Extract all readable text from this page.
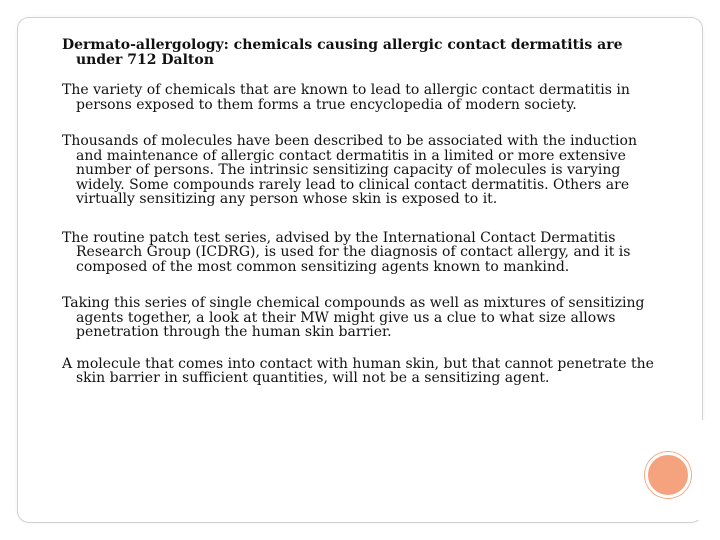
Dermato-allergology: chemicals causing allergic contact dermatitis are under 712 Dalton

The variety of chemicals that are known to lead to allergic contact dermatitis in persons exposed to them forms a true encyclopedia of modern society.

Thousands of molecules have been described to be associated with the induction and maintenance of allergic contact dermatitis in a limited or more extensive number of persons. The intrinsic sensitizing capacity of molecules is varying widely. Some compounds rarely lead to clinical contact dermatitis. Others are virtually sensitizing any person whose skin is exposed to it.

The routine patch test series, advised by the International Contact Dermatitis Research Group (ICDRG), is used for the diagnosis of contact allergy, and it is composed of the most common sensitizing agents known to mankind.

Taking this series of single chemical compounds as well as mixtures of sensitizing agents together, a look at their MW might give us a clue to what size allows penetration through the human skin barrier.

A molecule that comes into contact with human skin, but that cannot penetrate the skin barrier in sufficient quantities, will not be a sensitizing agent.
